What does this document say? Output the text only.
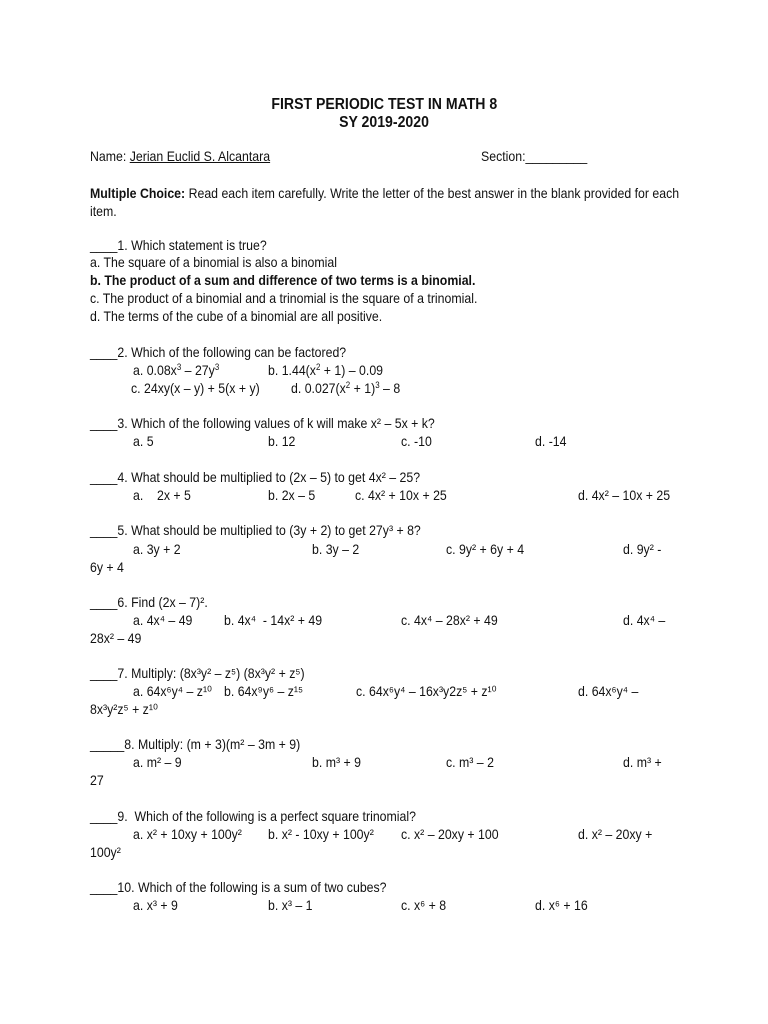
FIRST PERIODIC TEST IN MATH 8
SY 2019-2020
Name: Jerian Euclid S. Alcantara	Section:_________
Multiple Choice: Read each item carefully. Write the letter of the best answer in the blank provided for each
item.
____1. Which statement is true?
a. The square of a binomial is also a binomial
b. The product of a sum and difference of two terms is a binomial.
c. The product of a binomial and a trinomial is the square of a trinomial.
d. The terms of the cube of a binomial are all positive.
____2. Which of the following can be factored?
a. $0.08x^3 - 27y^3$	b. $1.44(x^2 + 1) - 0.09$
c. 24xy(x – y) + 5(x + y)	d. $0.027(x^2 + 1)^3 - 8$
____3. Which of the following values of k will make x² – 5x + k?
a. 5	b. 12	c. -10	d. -14
____4. What should be multiplied to (2x – 5) to get 4x² – 25?
a.    2x + 5	b. 2x – 5	c. 4x² + 10x + 25	d. 4x² – 10x + 25
____5. What should be multiplied to (3y + 2) to get 27y³ + 8?
a. 3y + 2	b. 3y – 2	c. 9y² + 6y + 4	d. 9y² -
6y + 4
____6. Find (2x – 7)².
a. 4x⁴ – 49	b. 4x⁴  - 14x² + 49	c. 4x⁴ – 28x² + 49	d. 4x⁴ –
28x² – 49
____7. Multiply: (8x³y² – z⁵) (8x³y² + z⁵)
a. 64x⁶y⁴ – z¹⁰ b. 64x⁹y⁶ – z¹⁵	c. 64x⁶y⁴ – 16x³y2z⁵ + z¹⁰	d. 64x⁶y⁴ –
8x³y²z⁵ + z¹⁰
_____8. Multiply: (m + 3)(m² – 3m + 9)
a. m² – 9	b. m³ + 9	c. m³ – 2	d. m³ +
27
____9.  Which of the following is a perfect square trinomial?
a. x² + 10xy + 100y²	b. x² - 10xy + 100y²	c. x² – 20xy + 100	d. x² – 20xy +
100y²
____10. Which of the following is a sum of two cubes?
a. x³ + 9	b. x³ – 1	c. x⁶ + 8	d. x⁶ + 16
